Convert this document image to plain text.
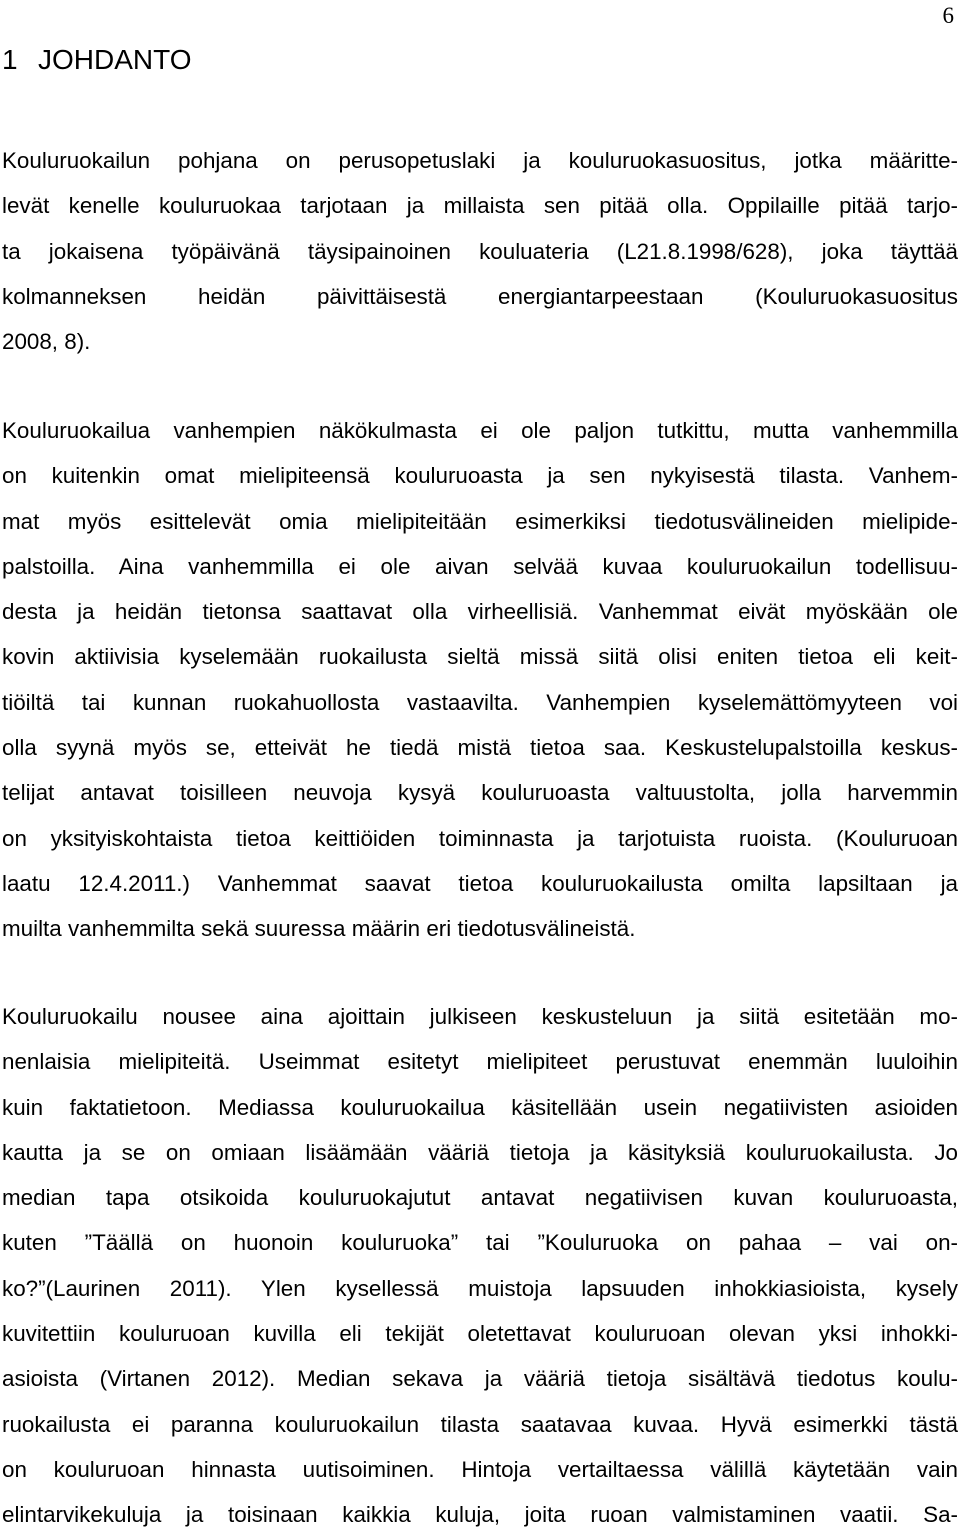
6
1 JOHDANTO
Kouluruokailun pohjana on perusopetuslaki ja kouluruokasuositus, jotka määritte-
levät kenelle kouluruokaa tarjotaan ja millaista sen pitää olla. Oppilaille pitää tarjo-
ta jokaisena työpäivänä täysipainoinen kouluateria (L21.8.1998/628), joka täyttää
kolmanneksen heidän päivittäisestä energiantarpeestaan (Kouluruokasuositus
2008, 8).
Kouluruokailua vanhempien näkökulmasta ei ole paljon tutkittu, mutta vanhemmilla
on kuitenkin omat mielipiteensä kouluruoasta ja sen nykyisestä tilasta. Vanhem-
mat myös esittelevät omia mielipiteitään esimerkiksi tiedotusvälineiden mielipide-
palstoilla. Aina vanhemmilla ei ole aivan selvää kuvaa kouluruokailun todellisuu-
desta ja heidän tietonsa saattavat olla virheellisiä. Vanhemmat eivät myöskään ole
kovin aktiivisia kyselemään ruokailusta sieltä missä siitä olisi eniten tietoa eli keit-
tiöiltä tai kunnan ruokahuollosta vastaavilta. Vanhempien kyselemättömyyteen voi
olla syynä myös se, etteivät he tiedä mistä tietoa saa. Keskustelupalstoilla keskus-
telijat antavat toisilleen neuvoja kysyä kouluruoasta valtuustolta, jolla harvemmin
on yksityiskohtaista tietoa keittiöiden toiminnasta ja tarjotuista ruoista. (Kouluruoan
laatu 12.4.2011.) Vanhemmat saavat tietoa kouluruokailusta omilta lapsiltaan ja
muilta vanhemmilta sekä suuressa määrin eri tiedotusvälineistä.
Kouluruokailu nousee aina ajoittain julkiseen keskusteluun ja siitä esitetään mo-
nenlaisia mielipiteitä. Useimmat esitetyt mielipiteet perustuvat enemmän luuloihin
kuin faktatietoon. Mediassa kouluruokailua käsitellään usein negatiivisten asioiden
kautta ja se on omiaan lisäämään vääriä tietoja ja käsityksiä kouluruokailusta. Jo
median tapa otsikoida kouluruokajutut antavat negatiivisen kuvan kouluruoasta,
kuten ”Täällä on huonoin kouluruoka” tai ”Kouluruoka on pahaa – vai on-
ko?”(Laurinen 2011). Ylen kysellessä muistoja lapsuuden inhokkiasioista, kysely
kuvitettiin kouluruoan kuvilla eli tekijät oletettavat kouluruoan olevan yksi inhokki-
asioista (Virtanen 2012). Median sekava ja vääriä tietoja sisältävä tiedotus koulu-
ruokailusta ei paranna kouluruokailun tilasta saatavaa kuvaa. Hyvä esimerkki tästä
on kouluruoan hinnasta uutisoiminen. Hintoja vertailtaessa välillä käytetään vain
elintarvikekuluja ja toisinaan kaikkia kuluja, joita ruoan valmistaminen vaatii. Sa-
